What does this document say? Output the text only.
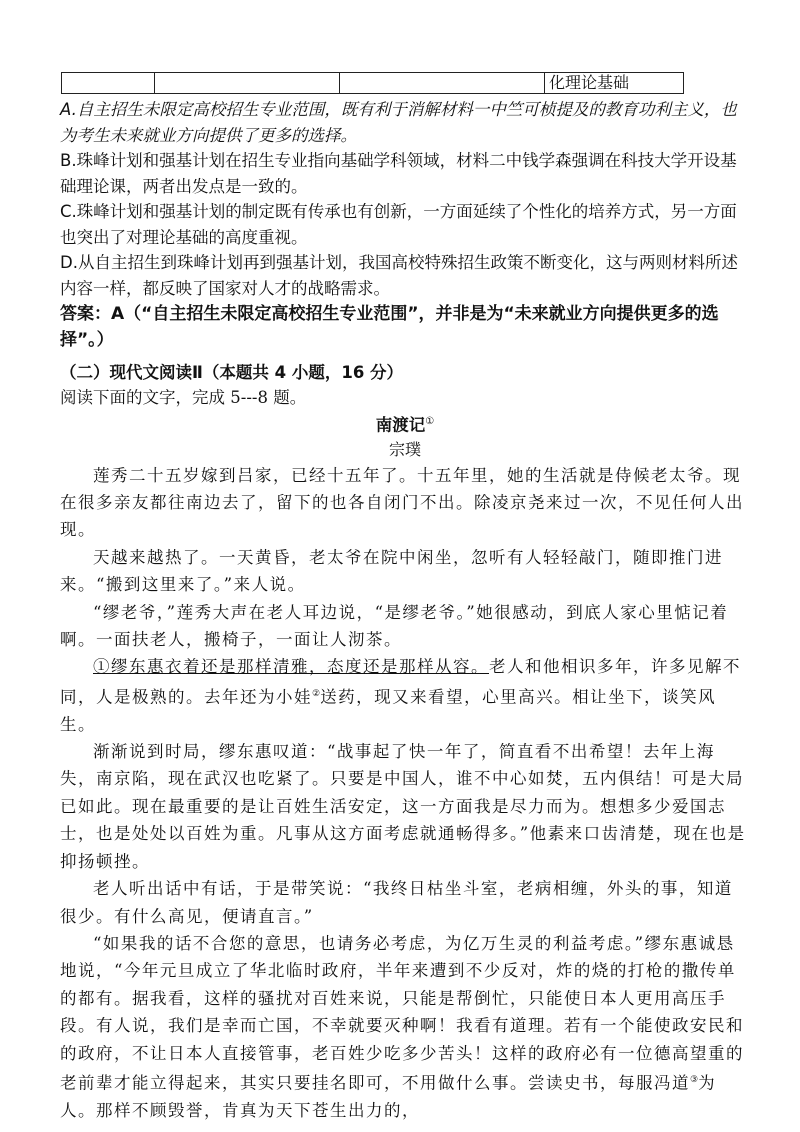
			化理论基础

A.自主招生未限定高校招生专业范围，既有利于消解材料一中竺可桢提及的教育功利主义，也为考生未来就业方向提供了更多的选择。

B.珠峰计划和强基计划在招生专业指向基础学科领域，材料二中钱学森强调在科技大学开设基础理论课，两者出发点是一致的。

C.珠峰计划和强基计划的制定既有传承也有创新，一方面延续了个性化的培养方式，另一方面也突出了对理论基础的高度重视。

D.从自主招生到珠峰计划再到强基计划，我国高校特殊招生政策不断变化，这与两则材料所述内容一样，都反映了国家对人才的战略需求。

答案：A（“自主招生未限定高校招生专业范围”，并非是为“未来就业方向提供更多的选择”。）

（二）现代文阅读Ⅱ（本题共 4 小题，16 分）

阅读下面的文字，完成 5---8 题。

南渡记①

宗璞

莲秀二十五岁嫁到吕家，已经十五年了。十五年里，她的生活就是侍候老太爷。现在很多亲友都往南边去了，留下的也各自闭门不出。除凌京尧来过一次，不见任何人出现。

天越来越热了。一天黄昏，老太爷在院中闲坐，忽听有人轻轻敲门，随即推门进来。“搬到这里来了。”来人说。

“缪老爷，”莲秀大声在老人耳边说，“是缪老爷。”她很感动，到底人家心里惦记着啊。一面扶老人，搬椅子，一面让人沏茶。

①缪东惠衣着还是那样清雅，态度还是那样从容。老人和他相识多年，许多见解不同，人是极熟的。去年还为小娃②送药，现又来看望，心里高兴。相让坐下，谈笑风生。

渐渐说到时局，缪东惠叹道：“战事起了快一年了，简直看不出希望！去年上海失，南京陷，现在武汉也吃紧了。只要是中国人，谁不中心如焚，五内俱结！可是大局已如此。现在最重要的是让百姓生活安定，这一方面我是尽力而为。想想多少爱国志士，也是处处以百姓为重。凡事从这方面考虑就通畅得多。”他素来口齿清楚，现在也是抑扬顿挫。

老人听出话中有话，于是带笑说：“我终日枯坐斗室，老病相缠，外头的事，知道很少。有什么高见，便请直言。”

“如果我的话不合您的意思，也请务必考虑，为亿万生灵的利益考虑。”缪东惠诚恳地说，“今年元旦成立了华北临时政府，半年来遭到不少反对，炸的烧的打枪的撒传单的都有。据我看，这样的骚扰对百姓来说，只能是帮倒忙，只能使日本人更用高压手段。有人说，我们是幸而亡国，不幸就要灭种啊！我看有道理。若有一个能使政安民和的政府，不让日本人直接管事，老百姓少吃多少苦头！这样的政府必有一位德高望重的老前辈才能立得起来，其实只要挂名即可，不用做什么事。尝读史书，每服冯道③为人。那样不顾毁誉，肯真为天下苍生出力的，
